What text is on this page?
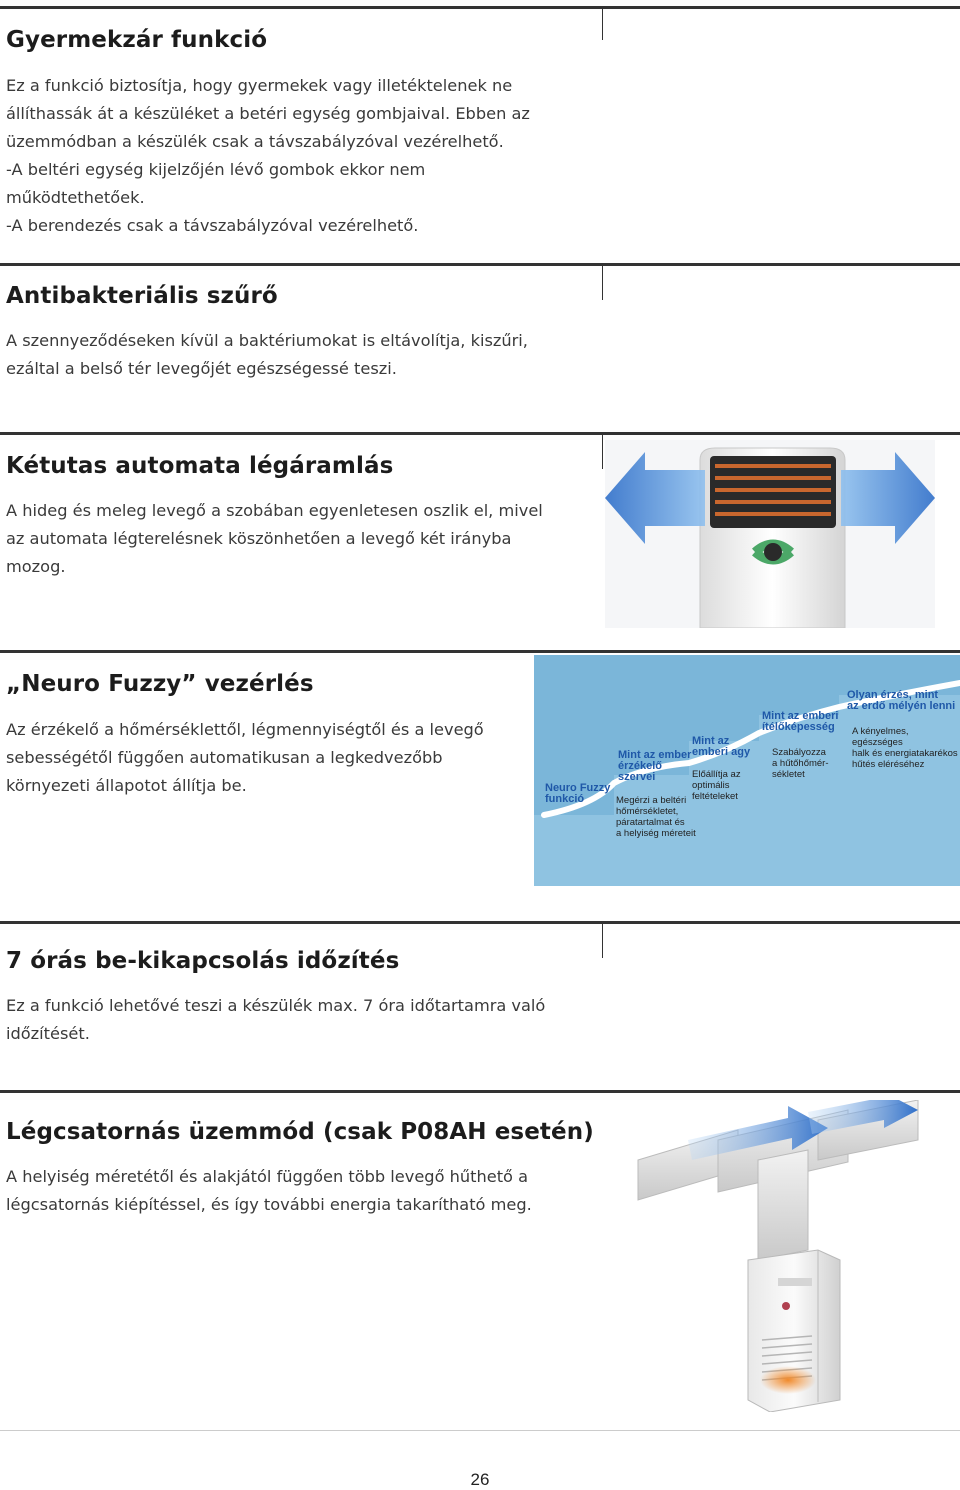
Gyermekzár funkció

Ez a funkció biztosítja, hogy gyermekek vagy illetéktelenek ne

állíthassák át a készüléket a betéri egység gombjaival. Ebben az

üzemmódban a készülék csak a távszabályzóval vezérelhető.

-A beltéri egység kijelzőjén lévő gombok ekkor nem

működtethetőek.

-A berendezés csak a távszabályzóval vezérelhető.

Antibakteriális szűrő

A szennyeződéseken kívül a baktériumokat is eltávolítja, kiszűri,

ezáltal a belső tér levegőjét egészségessé teszi.

Kétutas automata légáramlás

A hideg és meleg levegő a szobában egyenletesen oszlik el, mivel

az automata légterelésnek köszönhetően a levegő két irányba

mozog.

„Neuro Fuzzy” vezérlés

Az érzékelő a hőmérséklettől, légmennyiségtől és a levegő

sebességétől függően automatikusan a legkedvezőbb

környezeti állapotot állítja be.	Neuro Fuzzy
funkció
Mint az ember
érzékelő
szervei
Megérzi a beltéri
hőmérsékletet,
páratartalmat és
a helyiség méreteit
Mint az
emberi agy
Előállítja az
optimális
feltételeket
Mint az emberi
ítélőképesség
Szabályozza
a hűtőhőmér-
sékletet
Olyan érzés, mint
az erdő mélyén lenni
A kényelmes, egészséges
halk és energiatakarékos
hűtés eléréséhez
7 órás be-kikapcsolás időzítés

Ez a funkció lehetővé teszi a készülék max. 7 óra időtartamra való

időzítését.

Légcsatornás üzemmód (csak P08AH esetén)

A helyiség méretétől és alakjától függően több levegő hűthető a

légcsatornás kiépítéssel, és így további energia takarítható meg.

26
